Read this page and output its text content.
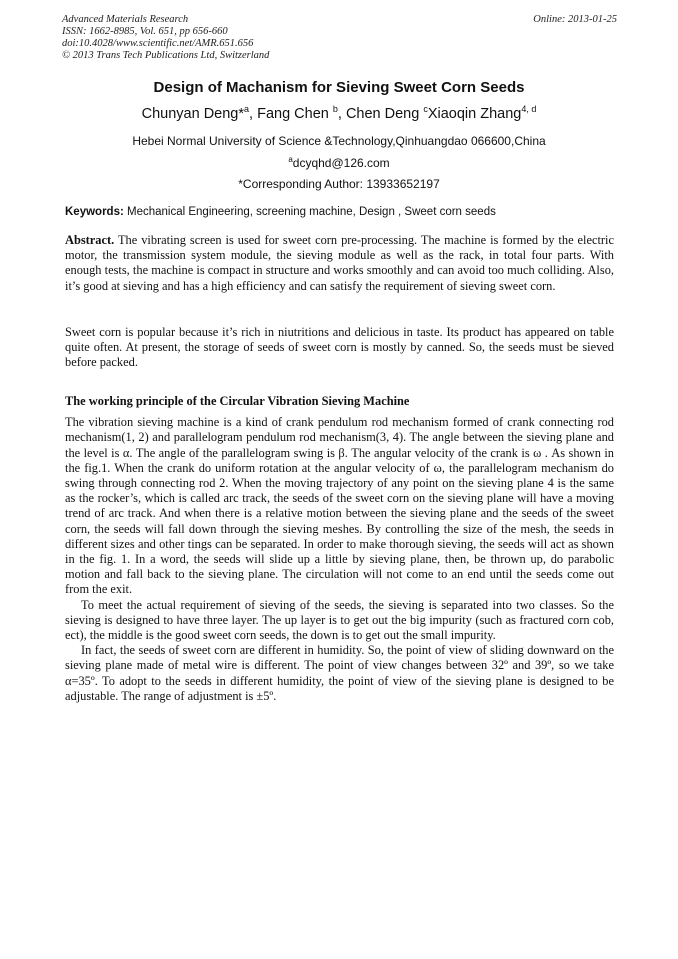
Advanced Materials Research
ISSN: 1662-8985, Vol. 651, pp 656-660
doi:10.4028/www.scientific.net/AMR.651.656
© 2013 Trans Tech Publications Ltd, Switzerland
Online: 2013-01-25
Design of Machanism for Sieving Sweet Corn Seeds
Chunyan Deng*$^a$, Fang Chen $^b$, Chen Deng $^c$Xiaoqin Zhang$^{4, d}$
Hebei Normal University of Science &Technology,Qinhuangdao 066600,China
$^a$dcyqhd@126.com
*Corresponding Author: 13933652197
Keywords: Mechanical Engineering, screening machine, Design , Sweet corn seeds

Abstract. The vibrating screen is used for sweet corn pre-processing. The machine is formed by the electric motor, the transmission system module, the sieving module as well as the rack, in total four parts. With enough tests, the machine is compact in structure and works smoothly and can avoid too much colliding. Also, it’s good at sieving and has a high efficiency and can satisfy the requirement of sieving sweet corn.

Sweet corn is popular because it’s rich in niutritions and delicious in taste. Its product has appeared on table quite often. At present, the storage of seeds of sweet corn is mostly by canned. So, the seeds must be sieved before packed.

The working principle of the Circular Vibration Sieving Machine

The vibration sieving machine is a kind of crank pendulum rod mechanism formed of crank connecting rod mechanism(1, 2) and parallelogram pendulum rod mechanism(3, 4). The angle between the sieving plane and the level is α. The angle of the parallelogram swing is β. The angular velocity of the crank is ω . As shown in the fig.1. When the crank do uniform rotation at the angular velocity of ω, the parallelogram mechanism do swing through connecting rod 2. When the moving trajectory of any point on the sieving plane 4 is the same as the rocker’s, which is called arc track, the seeds of the sweet corn on the sieving plane will have a moving trend of arc track. And when there is a relative motion between the sieving plane and the seeds of the sweet corn, the seeds will fall down through the sieving meshes. By controlling the size of the mesh, the seeds in different sizes and other tings can be separated. In order to make thorough sieving, the seeds will act as shown in the fig. 1. In a word, the seeds will slide up a little by sieving plane, then, be thrown up, do parabolic motion and fall back to the sieving plane. The circulation will not come to an end until the seeds come out from the exit.

To meet the actual requirement of sieving of the seeds, the sieving is separated into two classes. So the sieving is designed to have three layer. The up layer is to get out the big impurity (such as fractured corn cob, ect), the middle is the good sweet corn seeds, the down is to get out the small impurity.

In fact, the seeds of sweet corn are different in humidity. So, the point of view of sliding downward on the sieving plane made of metal wire is different. The point of view changes between 32º and 39º, so we take α=35º. To adopt to the seeds in different humidity, the point of view of the sieving plane is designed to be adjustable. The range of adjustment is ±5º.
